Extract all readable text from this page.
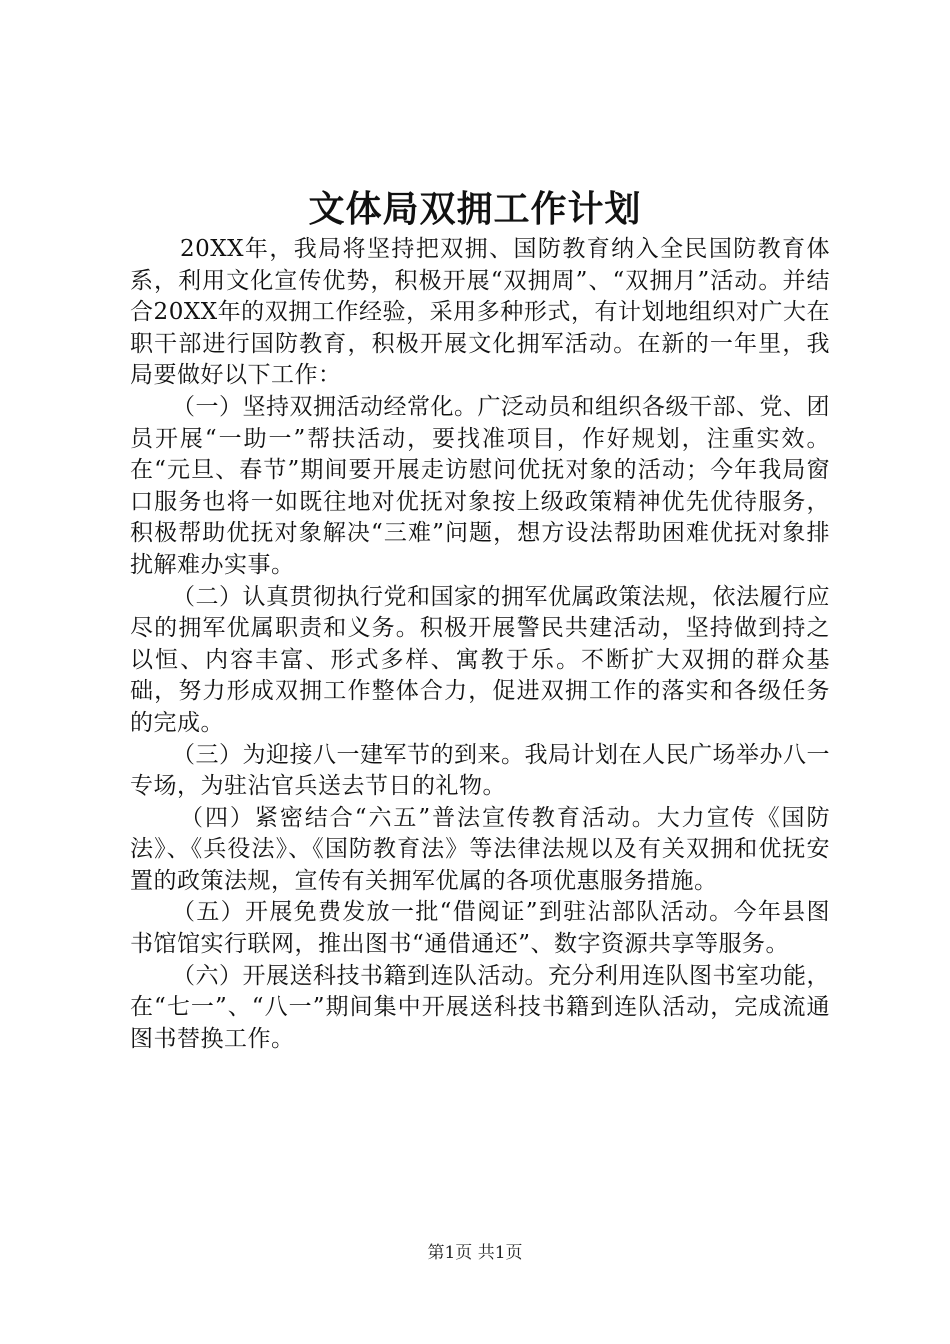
文体局双拥工作计划

20XX年，我局将坚持把双拥、国防教育纳入全民国防教育体系，利用文化宣传优势，积极开展“双拥周”、“双拥月”活动。并结合20XX年的双拥工作经验，采用多种形式，有计划地组织对广大在职干部进行国防教育，积极开展文化拥军活动。在新的一年里，我局要做好以下工作：

（一）坚持双拥活动经常化。广泛动员和组织各级干部、党、团员开展“一助一”帮扶活动，要找准项目，作好规划，注重实效。在“元旦、春节”期间要开展走访慰问优抚对象的活动；今年我局窗口服务也将一如既往地对优抚对象按上级政策精神优先优待服务，积极帮助优抚对象解决“三难”问题，想方设法帮助困难优抚对象排扰解难办实事。

（二）认真贯彻执行党和国家的拥军优属政策法规，依法履行应尽的拥军优属职责和义务。积极开展警民共建活动，坚持做到持之以恒、内容丰富、形式多样、寓教于乐。不断扩大双拥的群众基础，努力形成双拥工作整体合力，促进双拥工作的落实和各级任务的完成。

（三）为迎接八一建军节的到来。我局计划在人民广场举办八一专场，为驻沾官兵送去节日的礼物。

（四）紧密结合“六五”普法宣传教育活动。大力宣传《国防法》、《兵役法》、《国防教育法》等法律法规以及有关双拥和优抚安置的政策法规，宣传有关拥军优属的各项优惠服务措施。

（五）开展免费发放一批“借阅证”到驻沾部队活动。今年县图书馆馆实行联网，推出图书“通借通还”、数字资源共享等服务。

（六）开展送科技书籍到连队活动。充分利用连队图书室功能，在“七一”、“八一”期间集中开展送科技书籍到连队活动，完成流通图书替换工作。

第1页 共1页
